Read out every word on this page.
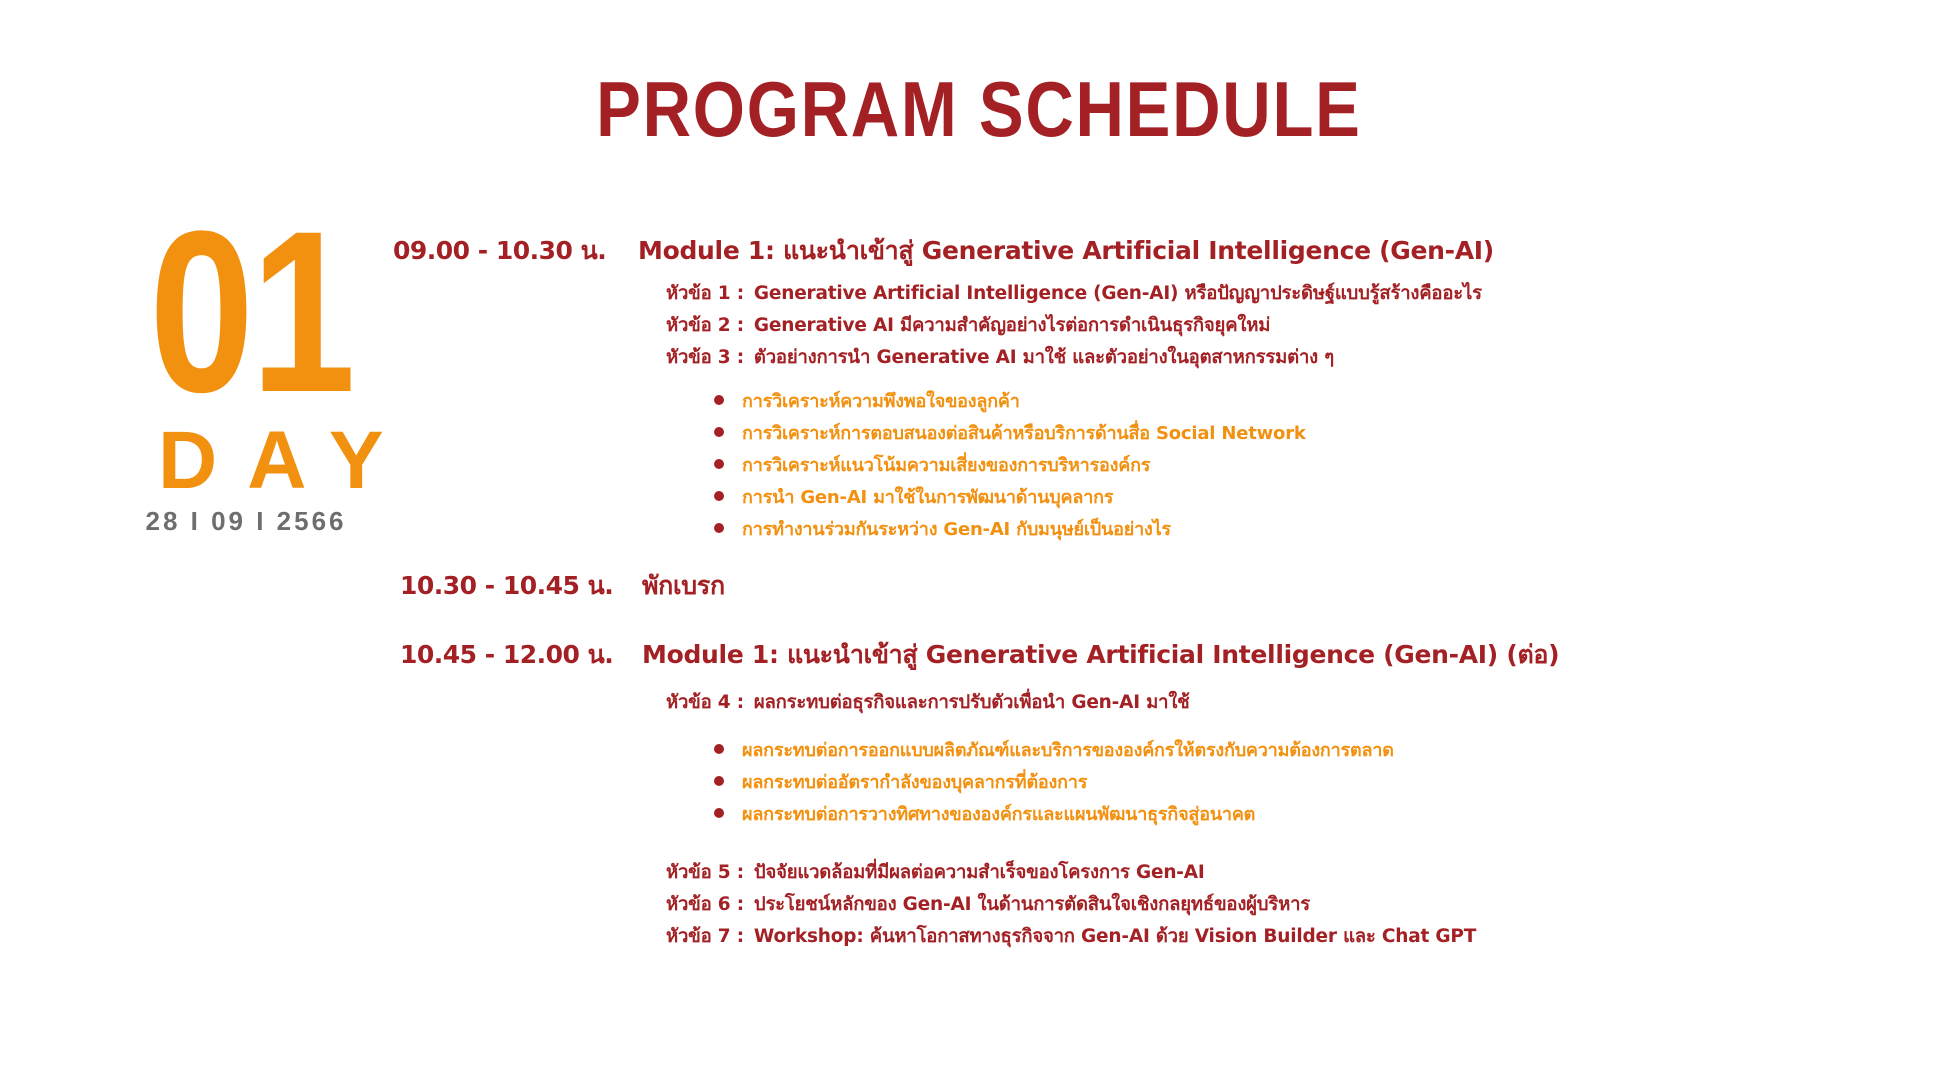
PROGRAM SCHEDULE
01
DAY
28 I 09 I 2566
09.00 - 10.30 น. Module 1: แนะนำเข้าสู่ Generative Artificial Intelligence (Gen-AI)
หัวข้อ 1 : Generative Artificial Intelligence (Gen-AI) หรือปัญญาประดิษฐ์แบบรู้สร้างคืออะไร
หัวข้อ 2 : Generative AI มีความสำคัญอย่างไรต่อการดำเนินธุรกิจยุคใหม่
หัวข้อ 3 : ตัวอย่างการนำ Generative AI มาใช้ และตัวอย่างในอุตสาหกรรมต่าง ๆ
การวิเคราะห์ความพึงพอใจของลูกค้า
การวิเคราะห์การตอบสนองต่อสินค้าหรือบริการด้านสื่อ Social Network
การวิเคราะห์แนวโน้มความเสี่ยงของการบริหารองค์กร
การนำ Gen-AI มาใช้ในการพัฒนาด้านบุคลากร
การทำงานร่วมกันระหว่าง Gen-AI กับมนุษย์เป็นอย่างไร
10.30 - 10.45 น. พักเบรก
10.45 - 12.00 น. Module 1: แนะนำเข้าสู่ Generative Artificial Intelligence (Gen-AI) (ต่อ)
หัวข้อ 4 : ผลกระทบต่อธุรกิจและการปรับตัวเพื่อนำ Gen-AI มาใช้
ผลกระทบต่อการออกแบบผลิตภัณฑ์และบริการขององค์กรให้ตรงกับความต้องการตลาด
ผลกระทบต่ออัตรากำลังของบุคลากรที่ต้องการ
ผลกระทบต่อการวางทิศทางขององค์กรและแผนพัฒนาธุรกิจสู่อนาคต
หัวข้อ 5 : ปัจจัยแวดล้อมที่มีผลต่อความสำเร็จของโครงการ Gen-AI
หัวข้อ 6 : ประโยชน์หลักของ Gen-AI ในด้านการตัดสินใจเชิงกลยุทธ์ของผู้บริหาร
หัวข้อ 7 : Workshop: ค้นหาโอกาสทางธุรกิจจาก Gen-AI ด้วย Vision Builder และ Chat GPT
